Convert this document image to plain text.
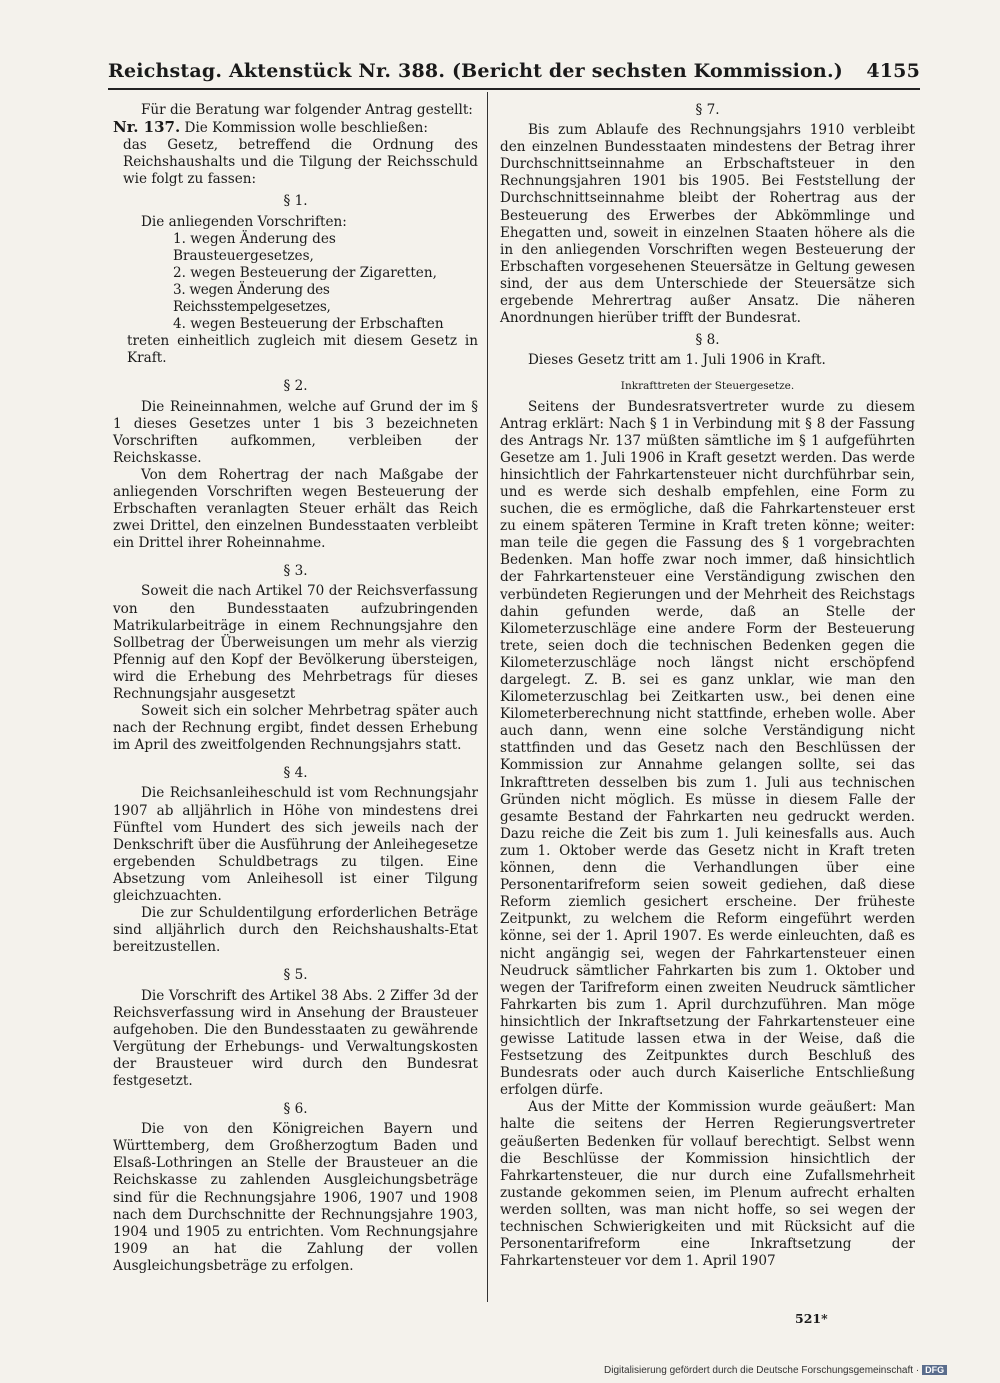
Reichstag. Aktenstück Nr. 388. (Bericht der sechsten Kommission.) 4155

Für die Beratung war folgender Antrag gestellt:

Nr. 137. Die Kommission wolle beschließen:

das Gesetz, betreffend die Ordnung des Reichshaushalts und die Tilgung der Reichsschuld wie folgt zu fassen:

§ 1.

Die anliegenden Vorschriften:

1. wegen Änderung des Brausteuergesetzes,

2. wegen Besteuerung der Zigaretten,

3. wegen Änderung des Reichsstempelgesetzes,

4. wegen Besteuerung der Erbschaften

treten einheitlich zugleich mit diesem Gesetz in Kraft.

§ 2.

Die Reineinnahmen, welche auf Grund der im § 1 dieses Gesetzes unter 1 bis 3 bezeichneten Vorschriften aufkommen, verbleiben der Reichskasse.

Von dem Rohertrag der nach Maßgabe der anliegenden Vorschriften wegen Besteuerung der Erbschaften veranlagten Steuer erhält das Reich zwei Drittel, den einzelnen Bundesstaaten verbleibt ein Drittel ihrer Roheinnahme.

§ 3.

Soweit die nach Artikel 70 der Reichsverfassung von den Bundesstaaten aufzubringenden Matrikularbeiträge in einem Rechnungsjahre den Sollbetrag der Überweisungen um mehr als vierzig Pfennig auf den Kopf der Bevölkerung übersteigen, wird die Erhebung des Mehrbetrags für dieses Rechnungsjahr ausgesetzt

Soweit sich ein solcher Mehrbetrag später auch nach der Rechnung ergibt, findet dessen Erhebung im April des zweitfolgenden Rechnungsjahrs statt.

§ 4.

Die Reichsanleiheschuld ist vom Rechnungsjahr 1907 ab alljährlich in Höhe von mindestens drei Fünftel vom Hundert des sich jeweils nach der Denkschrift über die Ausführung der Anleihegesetze ergebenden Schuldbetrags zu tilgen. Eine Absetzung vom Anleihesoll ist einer Tilgung gleichzuachten.

Die zur Schuldentilgung erforderlichen Beträge sind alljährlich durch den Reichshaushalts-Etat bereitzustellen.

§ 5.

Die Vorschrift des Artikel 38 Abs. 2 Ziffer 3d der Reichsverfassung wird in Ansehung der Brausteuer aufgehoben. Die den Bundesstaaten zu gewährende Vergütung der Erhebungs- und Verwaltungskosten der Brausteuer wird durch den Bundesrat festgesetzt.

§ 6.

Die von den Königreichen Bayern und Württemberg, dem Großherzogtum Baden und Elsaß-Lothringen an Stelle der Brausteuer an die Reichskasse zu zahlenden Ausgleichungsbeträge sind für die Rechnungsjahre 1906, 1907 und 1908 nach dem Durchschnitte der Rechnungsjahre 1903, 1904 und 1905 zu entrichten. Vom Rechnungsjahre 1909 an hat die Zahlung der vollen Ausgleichungsbeträge zu erfolgen.

§ 7.

Bis zum Ablaufe des Rechnungsjahrs 1910 verbleibt den einzelnen Bundesstaaten mindestens der Betrag ihrer Durchschnittseinnahme an Erbschaftsteuer in den Rechnungsjahren 1901 bis 1905. Bei Feststellung der Durchschnittseinnahme bleibt der Rohertrag aus der Besteuerung des Erwerbes der Abkömmlinge und Ehegatten und, soweit in einzelnen Staaten höhere als die in den anliegenden Vorschriften wegen Besteuerung der Erbschaften vorgesehenen Steuersätze in Geltung gewesen sind, der aus dem Unterschiede der Steuersätze sich ergebende Mehrertrag außer Ansatz. Die näheren Anordnungen hierüber trifft der Bundesrat.

§ 8.

Dieses Gesetz tritt am 1. Juli 1906 in Kraft.

Inkrafttreten der Steuergesetze.

Seitens der Bundesratsvertreter wurde zu diesem Antrag erklärt: Nach § 1 in Verbindung mit § 8 der Fassung des Antrags Nr. 137 müßten sämtliche im § 1 aufgeführten Gesetze am 1. Juli 1906 in Kraft gesetzt werden. Das werde hinsichtlich der Fahrkartensteuer nicht durchführbar sein, und es werde sich deshalb empfehlen, eine Form zu suchen, die es ermögliche, daß die Fahrkartensteuer erst zu einem späteren Termine in Kraft treten könne; weiter: man teile die gegen die Fassung des § 1 vorgebrachten Bedenken. Man hoffe zwar noch immer, daß hinsichtlich der Fahrkartensteuer eine Verständigung zwischen den verbündeten Regierungen und der Mehrheit des Reichstags dahin gefunden werde, daß an Stelle der Kilometerzuschläge eine andere Form der Besteuerung trete, seien doch die technischen Bedenken gegen die Kilometerzuschläge noch längst nicht erschöpfend dargelegt. Z. B. sei es ganz unklar, wie man den Kilometerzuschlag bei Zeitkarten usw., bei denen eine Kilometerberechnung nicht stattfinde, erheben wolle. Aber auch dann, wenn eine solche Verständigung nicht stattfinden und das Gesetz nach den Beschlüssen der Kommission zur Annahme gelangen sollte, sei das Inkrafttreten desselben bis zum 1. Juli aus technischen Gründen nicht möglich. Es müsse in diesem Falle der gesamte Bestand der Fahrkarten neu gedruckt werden. Dazu reiche die Zeit bis zum 1. Juli keinesfalls aus. Auch zum 1. Oktober werde das Gesetz nicht in Kraft treten können, denn die Verhandlungen über eine Personentarifreform seien soweit gediehen, daß diese Reform ziemlich gesichert erscheine. Der früheste Zeitpunkt, zu welchem die Reform eingeführt werden könne, sei der 1. April 1907. Es werde einleuchten, daß es nicht angängig sei, wegen der Fahrkartensteuer einen Neudruck sämtlicher Fahrkarten bis zum 1. Oktober und wegen der Tarifreform einen zweiten Neudruck sämtlicher Fahrkarten bis zum 1. April durchzuführen. Man möge hinsichtlich der Inkraftsetzung der Fahrkartensteuer eine gewisse Latitude lassen etwa in der Weise, daß die Festsetzung des Zeitpunktes durch Beschluß des Bundesrats oder auch durch Kaiserliche Entschließung erfolgen dürfe.

Aus der Mitte der Kommission wurde geäußert: Man halte die seitens der Herren Regierungsvertreter geäußerten Bedenken für vollauf berechtigt. Selbst wenn die Beschlüsse der Kommission hinsichtlich der Fahrkartensteuer, die nur durch eine Zufallsmehrheit zustande gekommen seien, im Plenum aufrecht erhalten werden sollten, was man nicht hoffe, so sei wegen der technischen Schwierigkeiten und mit Rücksicht auf die Personentarifreform eine Inkraftsetzung der Fahrkartensteuer vor dem 1. April 1907

521*
Digitalisierung gefördert durch die Deutsche Forschungsgemeinschaft · DFG
